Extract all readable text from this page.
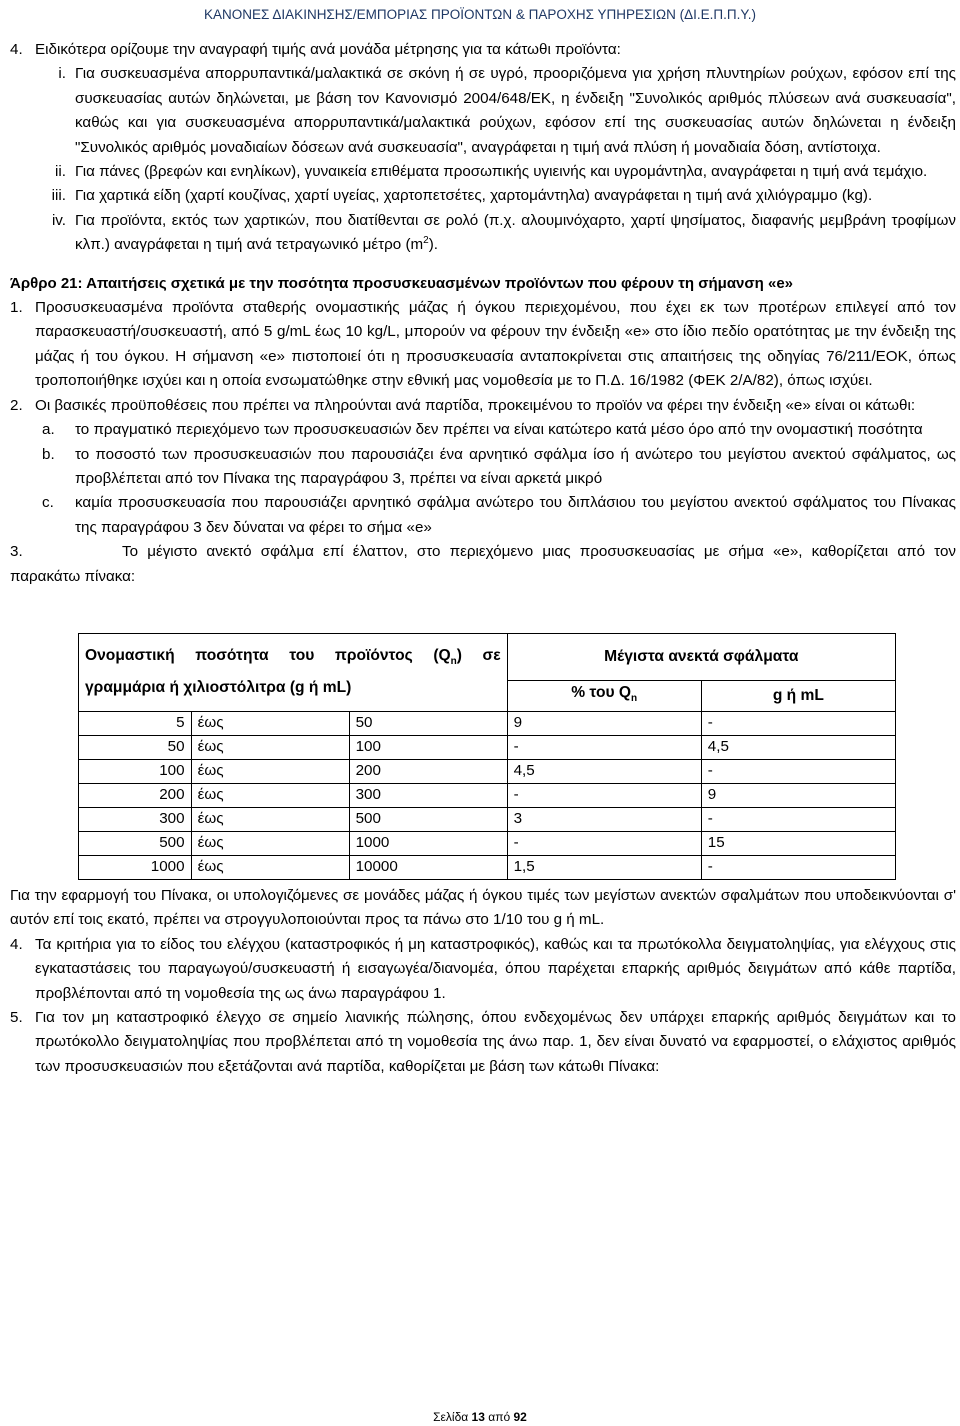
ΚΑΝΟΝΕΣ ΔΙΑΚΙΝΗΣΗΣ/ΕΜΠΟΡΙΑΣ ΠΡΟΪΟΝΤΩΝ & ΠΑΡΟΧΗΣ ΥΠΗΡΕΣΙΩΝ (ΔΙ.Ε.Π.Π.Υ.)
4. Ειδικότερα ορίζουμε την αναγραφή τιμής ανά μονάδα μέτρησης για τα κάτωθι προϊόντα:
i. Για συσκευασμένα απορρυπαντικά/μαλακτικά σε σκόνη ή σε υγρό, προοριζόμενα για χρήση πλυντηρίων ρούχων, εφόσον επί της συσκευασίας αυτών δηλώνεται, με βάση τον Κανονισμό 2004/648/ΕΚ, η ένδειξη "Συνολικός αριθμός πλύσεων ανά συσκευασία", καθώς και για συσκευασμένα απορρυπαντικά/μαλακτικά ρούχων, εφόσον επί της συσκευασίας αυτών δηλώνεται η ένδειξη "Συνολικός αριθμός μοναδιαίων δόσεων ανά συσκευασία", αναγράφεται η τιμή ανά πλύση ή μοναδιαία δόση, αντίστοιχα.
ii. Για πάνες (βρεφών και ενηλίκων), γυναικεία επιθέματα προσωπικής υγιεινής και υγρομάντηλα, αναγράφεται η τιμή ανά τεμάχιο.
iii. Για χαρτικά είδη (χαρτί κουζίνας, χαρτί υγείας, χαρτοπετσέτες, χαρτομάντηλα) αναγράφεται η τιμή ανά χιλιόγραμμο (kg).
iv. Για προϊόντα, εκτός των χαρτικών, που διατίθενται σε ρολό (π.χ. αλουμινόχαρτο, χαρτί ψησίματος, διαφανής μεμβράνη τροφίμων κλπ.) αναγράφεται η τιμή ανά τετραγωνικό μέτρο $(m^2)$.
Άρθρο 21: Απαιτήσεις σχετικά με την ποσότητα προσυσκευασμένων προϊόντων που φέρουν τη σήμανση «e»
1. Προσυσκευασμένα προϊόντα σταθερής ονομαστικής μάζας ή όγκου περιεχομένου, που έχει εκ των προτέρων επιλεγεί από τον παρασκευαστή/συσκευαστή, από 5 g/mL έως 10 kg/L, μπορούν να φέρουν την ένδειξη «e» στο ίδιο πεδίο ορατότητας με την ένδειξη της μάζας ή του όγκου. Η σήμανση «e» πιστοποιεί ότι η προσυσκευασία ανταποκρίνεται στις απαιτήσεις της οδηγίας 76/211/ΕΟΚ, όπως τροποποιήθηκε ισχύει και η οποία ενσωματώθηκε στην εθνική μας νομοθεσία με το Π.Δ. 16/1982 (ΦΕΚ 2/Α/82), όπως ισχύει.
2. Οι βασικές προϋποθέσεις που πρέπει να πληρούνται ανά παρτίδα, προκειμένου το προϊόν να φέρει την ένδειξη «e» είναι οι κάτωθι:
a. το πραγματικό περιεχόμενο των προσυσκευασιών δεν πρέπει να είναι κατώτερο κατά μέσο όρο από την ονομαστική ποσότητα
b. το ποσοστό των προσυσκευασιών που παρουσιάζει ένα αρνητικό σφάλμα ίσο ή ανώτερο του μεγίστου ανεκτού σφάλματος, ως προβλέπεται από τον Πίνακα της παραγράφου 3, πρέπει να είναι αρκετά μικρό
c. καμία προσυσκευασία που παρουσιάζει αρνητικό σφάλμα ανώτερο του διπλάσιου του μεγίστου ανεκτού σφάλματος του Πίνακας της παραγράφου 3 δεν δύναται να φέρει το σήμα «e»
3.	Το μέγιστο ανεκτό σφάλμα επί έλαττον, στο περιεχόμενο μιας προσυσκευασίας με σήμα «e», καθορίζεται από τον παρακάτω πίνακα:
Ονομαστική ποσότητα του προϊόντος $(Q_n)$ σε γραμμάρια ή χιλιοστόλιτρα (g ή mL)			Μέγιστα ανεκτά σφάλματα	
			% του $Q_n$	g ή mL
5	έως	50	9	-
50	έως	100	-	4,5
100	έως	200	4,5	-
200	έως	300	-	9
300	έως	500	3	-
500	έως	1000	-	15
1000	έως	10000	1,5	-
Για την εφαρμογή του Πίνακα, οι υπολογιζόμενες σε μονάδες μάζας ή όγκου τιμές των μεγίστων ανεκτών σφαλμάτων που υποδεικνύονται σ' αυτόν επί τοις εκατό, πρέπει να στρογγυλοποιούνται προς τα πάνω στο 1/10 του g ή mL.
4. Τα κριτήρια για το είδος του ελέγχου (καταστροφικός ή μη καταστροφικός), καθώς και τα πρωτόκολλα δειγματοληψίας, για ελέγχους στις εγκαταστάσεις του παραγωγού/συσκευαστή ή εισαγωγέα/διανομέα, όπου παρέχεται επαρκής αριθμός δειγμάτων από κάθε παρτίδα, προβλέπονται από τη νομοθεσία της ως άνω παραγράφου 1.
5. Για τον μη καταστροφικό έλεγχο σε σημείο λιανικής πώλησης, όπου ενδεχομένως δεν υπάρχει επαρκής αριθμός δειγμάτων και το πρωτόκολλο δειγματοληψίας που προβλέπεται από τη νομοθεσία της άνω παρ. 1, δεν είναι δυνατό να εφαρμοστεί, ο ελάχιστος αριθμός των προσυσκευασιών που εξετάζονται ανά παρτίδα, καθορίζεται με βάση των κάτωθι Πίνακα:
Σελίδα 13 από 92
